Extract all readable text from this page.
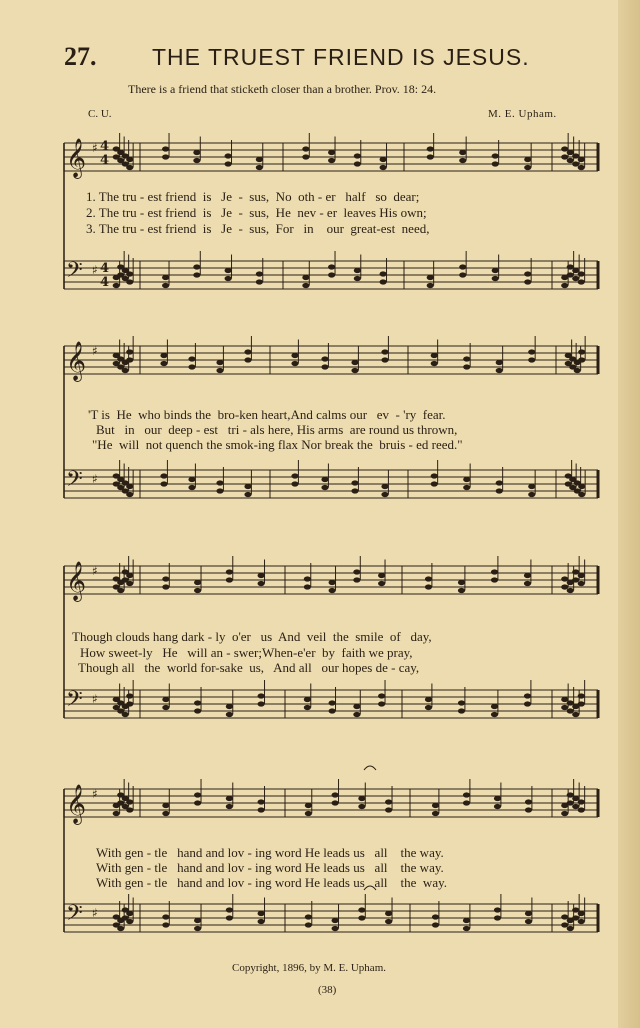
27. THE TRUEST FRIEND IS JESUS.
There is a friend that sticketh closer than a brother. Prov. 18: 24.
C. U.	M. E. Upham.
𝄞 ♯
𝄞 ♯
𝄞 ♯
𝄞 ♯
𝄢 ♯
𝄢 ♯
𝄢 ♯
𝄢 ♯
4
4
4
4
1. The tru - est friend  is   Je  -  sus,  No  oth - er   half   so  dear;
2. The tru - est friend  is   Je  -  sus,  He  nev - er  leaves His own;
3. The tru - est friend  is   Je  -  sus,  For   in    our  great-est  need,
'T is  He  who binds the  bro-ken heart,And calms our   ev  - 'ry  fear.
But   in   our  deep - est   tri - als here, His arms  are round us thrown,
"He  will  not quench the smok-ing flax Nor break the  bruis - ed reed."
Though clouds hang dark - ly  o'er   us  And  veil  the  smile  of   day,
How sweet-ly   He   will an - swer;When-e'er  by  faith we pray,
Though all   the  world for-sake  us,   And all   our hopes de - cay,
With gen - tle   hand and lov - ing word He leads us   all    the way.
With gen - tle   hand and lov - ing word He leads us   all    the way.
With gen - tle   hand and lov - ing word He leads us   all    the  way.
Copyright, 1896, by M. E. Upham.
(38)
